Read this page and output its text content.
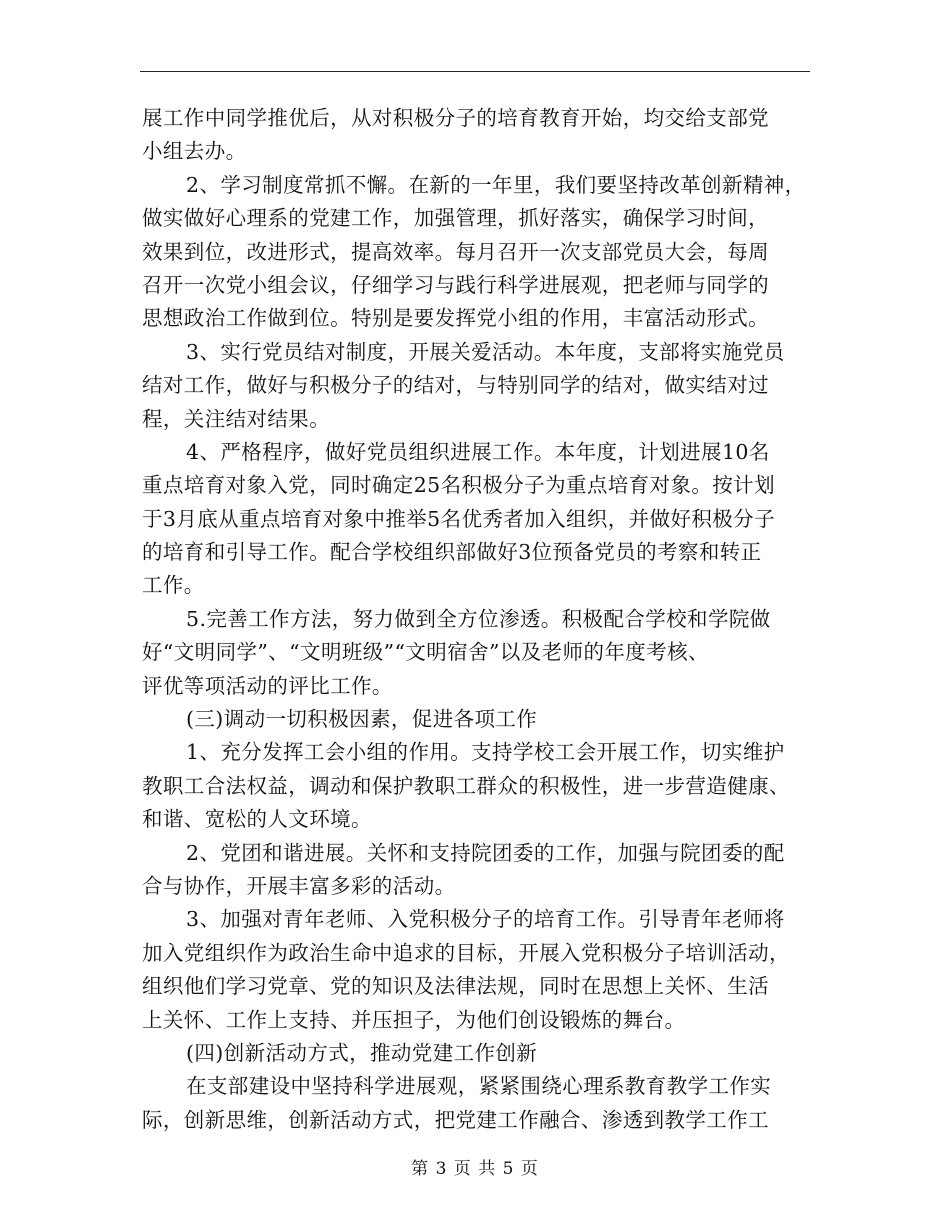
展工作中同学推优后，从对积极分子的培育教育开始，均交给支部党
小组去办。
2、学习制度常抓不懈。在新的一年里，我们要坚持改革创新精神，
做实做好心理系的党建工作，加强管理，抓好落实，确保学习时间，
效果到位，改进形式，提高效率。每月召开一次支部党员大会，每周
召开一次党小组会议，仔细学习与践行科学进展观，把老师与同学的
思想政治工作做到位。特别是要发挥党小组的作用，丰富活动形式。
3、实行党员结对制度，开展关爱活动。本年度，支部将实施党员
结对工作，做好与积极分子的结对，与特别同学的结对，做实结对过
程，关注结对结果。
4、严格程序，做好党员组织进展工作。本年度，计划进展10名
重点培育对象入党，同时确定25名积极分子为重点培育对象。按计划
于3月底从重点培育对象中推举5名优秀者加入组织，并做好积极分子
的培育和引导工作。配合学校组织部做好3位预备党员的考察和转正
工作。
5.完善工作方法，努力做到全方位渗透。积极配合学校和学院做
好“文明同学”、“文明班级”“文明宿舍”以及老师的年度考核、
评优等项活动的评比工作。
(三)调动一切积极因素，促进各项工作
1、充分发挥工会小组的作用。支持学校工会开展工作，切实维护
教职工合法权益，调动和保护教职工群众的积极性，进一步营造健康、
和谐、宽松的人文环境。
2、党团和谐进展。关怀和支持院团委的工作，加强与院团委的配
合与协作，开展丰富多彩的活动。
3、加强对青年老师、入党积极分子的培育工作。引导青年老师将
加入党组织作为政治生命中追求的目标，开展入党积极分子培训活动，
组织他们学习党章、党的知识及法律法规，同时在思想上关怀、生活
上关怀、工作上支持、并压担子，为他们创设锻炼的舞台。
(四)创新活动方式，推动党建工作创新
在支部建设中坚持科学进展观，紧紧围绕心理系教育教学工作实
际，创新思维，创新活动方式，把党建工作融合、渗透到教学工作工
第 3 页 共 5 页
